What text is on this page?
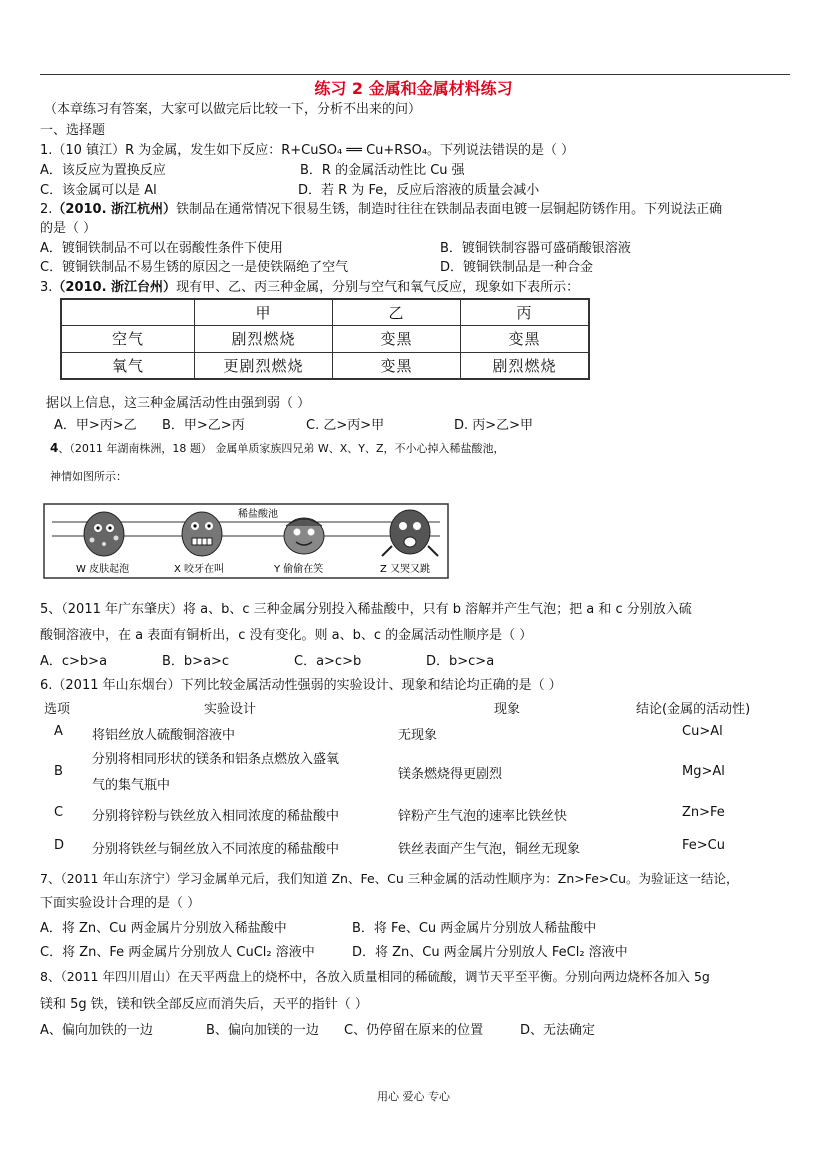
练习 2 金属和金属材料练习
（本章练习有答案，大家可以做完后比较一下，分析不出来的问）
一、选择题
1.（10 镇江）R 为金属，发生如下反应：R+CuSO₄ ══ Cu+RSO₄。下列说法错误的是（ ）
A．该反应为置换反应	B．R 的金属活动性比 Cu 强
C．该金属可以是 Al	D．若 R 为 Fe，反应后溶液的质量会减小
2.（2010. 浙江杭州）铁制品在通常情况下很易生锈，制造时往往在铁制品表面电镀一层铜起防锈作用。下列说法正确
的是（ ）
A．镀铜铁制品不可以在弱酸性条件下使用	B．镀铜铁制容器可盛硝酸银溶液
C．镀铜铁制品不易生锈的原因之一是使铁隔绝了空气	D．镀铜铁制品是一种合金
3.（2010. 浙江台州）现有甲、乙、丙三种金属，分别与空气和氧气反应，现象如下表所示：
	甲	乙	丙
空气	剧烈燃烧	变黑	变黑
氧气	更剧烈燃烧	变黑	剧烈燃烧
据以上信息，这三种金属活动性由强到弱（ ）
A．甲>丙>乙 B．甲>乙>丙	C. 乙>丙>甲	D. 丙>乙>甲
4、（2011 年湖南株洲，18 题） 金属单质家族四兄弟 W、X、Y、Z，不小心掉入稀盐酸池，
神情如图所示：
稀盐酸池
W 皮肤起泡	X 咬牙在叫	Y 偷偷在笑	Z 又哭又跳
5、（2011 年广东肇庆）将 a、b、c 三种金属分别投入稀盐酸中，只有 b 溶解并产生气泡；把 a 和 c 分别放入硫
酸铜溶液中，在 a 表面有铜析出，c 没有变化。则 a、b、c 的金属活动性顺序是（ ）
A．c>b>a	B．b>a>c	C．a>c>b	D．b>c>a
6.（2011 年山东烟台）下列比较金属活动性强弱的实验设计、现象和结论均正确的是（ ）
选项	实验设计	现象	结论(金属的活动性)
A 将铝丝放人硫酸铜溶液中	无现象	Cu>Al
B
分别将相同形状的镁条和铝条点燃放入盛氧
气的集气瓶中
镁条燃烧得更剧烈	Mg>Al
C 分别将锌粉与铁丝放入相同浓度的稀盐酸中	锌粉产生气泡的速率比铁丝快	Zn>Fe
D 分别将铁丝与铜丝放入不同浓度的稀盐酸中	铁丝表面产生气泡，铜丝无现象	Fe>Cu
7、（2011 年山东济宁）学习金属单元后，我们知道 Zn、Fe、Cu 三种金属的活动性顺序为：Zn>Fe>Cu。为验证这一结论，
下面实验设计合理的是（ ）
A．将 Zn、Cu 两金属片分别放入稀盐酸中	B．将 Fe、Cu 两金属片分别放人稀盐酸中
C．将 Zn、Fe 两金属片分别放人 CuCl₂ 溶液中	D．将 Zn、Cu 两金属片分别放人 FeCl₂ 溶液中
8、（2011 年四川眉山）在天平两盘上的烧杯中，各放入质量相同的稀硫酸，调节天平至平衡。分别向两边烧杯各加入 5g
镁和 5g 铁，镁和铁全部反应而消失后，天平的指针（ ）
A、偏向加铁的一边	B、偏向加镁的一边 C、仍停留在原来的位置	D、无法确定
用心 爱心 专心
